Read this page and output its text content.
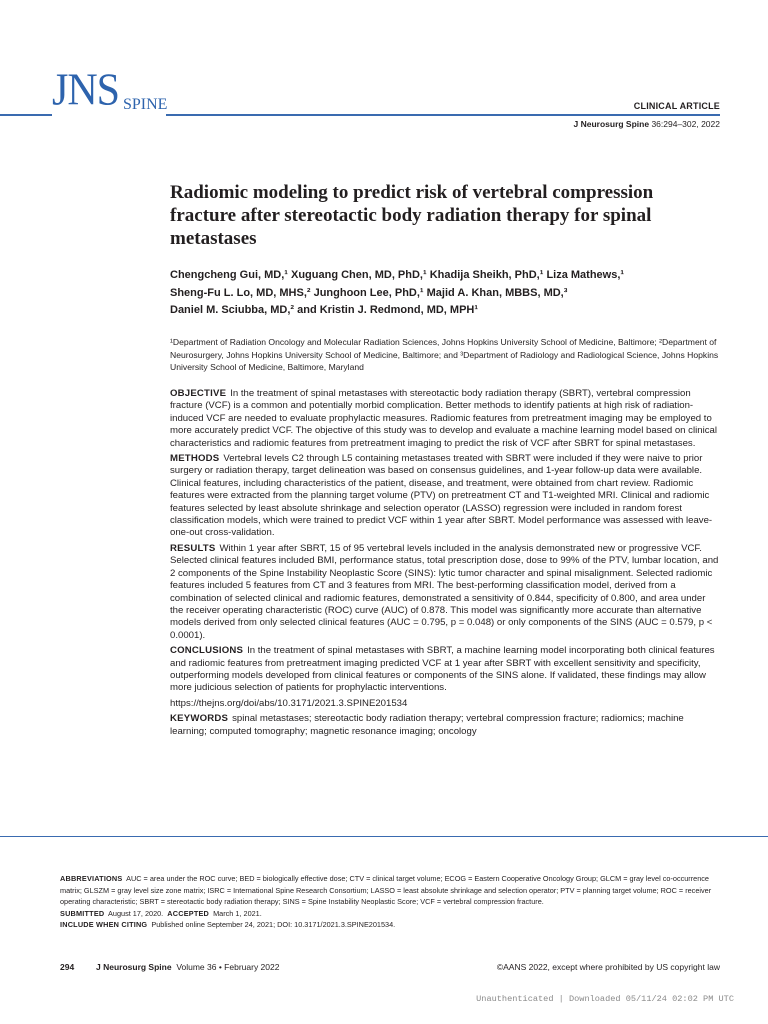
JNS SPINE	CLINICAL ARTICLE
J Neurosurg Spine 36:294–302, 2022
Radiomic modeling to predict risk of vertebral compression fracture after stereotactic body radiation therapy for spinal metastases
Chengcheng Gui, MD,¹ Xuguang Chen, MD, PhD,¹ Khadija Sheikh, PhD,¹ Liza Mathews,¹
Sheng-Fu L. Lo, MD, MHS,² Junghoon Lee, PhD,¹ Majid A. Khan, MBBS, MD,³
Daniel M. Sciubba, MD,² and Kristin J. Redmond, MD, MPH¹
¹Department of Radiation Oncology and Molecular Radiation Sciences, Johns Hopkins University School of Medicine, Baltimore; ²Department of Neurosurgery, Johns Hopkins University School of Medicine, Baltimore; and ³Department of Radiology and Radiological Science, Johns Hopkins University School of Medicine, Baltimore, Maryland

OBJECTIVE In the treatment of spinal metastases with stereotactic body radiation therapy (SBRT), vertebral compression fracture (VCF) is a common and potentially morbid complication. Better methods to identify patients at high risk of radiation-induced VCF are needed to evaluate prophylactic measures. Radiomic features from pretreatment imaging may be employed to more accurately predict VCF. The objective of this study was to develop and evaluate a machine learning model based on clinical characteristics and radiomic features from pretreatment imaging to predict the risk of VCF after SBRT for spinal metastases.

METHODS Vertebral levels C2 through L5 containing metastases treated with SBRT were included if they were naive to prior surgery or radiation therapy, target delineation was based on consensus guidelines, and 1-year follow-up data were available. Clinical features, including characteristics of the patient, disease, and treatment, were obtained from chart review. Radiomic features were extracted from the planning target volume (PTV) on pretreatment CT and T1-weighted MRI. Clinical and radiomic features selected by least absolute shrinkage and selection operator (LASSO) regression were included in random forest classification models, which were trained to predict VCF within 1 year after SBRT. Model performance was assessed with leave-one-out cross-validation.

RESULTS Within 1 year after SBRT, 15 of 95 vertebral levels included in the analysis demonstrated new or progressive VCF. Selected clinical features included BMI, performance status, total prescription dose, dose to 99% of the PTV, lumbar location, and 2 components of the Spine Instability Neoplastic Score (SINS): lytic tumor character and spinal misalignment. Selected radiomic features included 5 features from CT and 3 features from MRI. The best-performing classification model, derived from a combination of selected clinical and radiomic features, demonstrated a sensitivity of 0.844, specificity of 0.800, and area under the receiver operating characteristic (ROC) curve (AUC) of 0.878. This model was significantly more accurate than alternative models derived from only selected clinical features (AUC = 0.795, p = 0.048) or only components of the SINS (AUC = 0.579, p < 0.0001).

CONCLUSIONS In the treatment of spinal metastases with SBRT, a machine learning model incorporating both clinical features and radiomic features from pretreatment imaging predicted VCF at 1 year after SBRT with excellent sensitivity and specificity, outperforming models developed from clinical features or components of the SINS alone. If validated, these findings may allow more judicious selection of patients for prophylactic interventions.

https://thejns.org/doi/abs/10.3171/2021.3.SPINE201534

KEYWORDS spinal metastases; stereotactic body radiation therapy; vertebral compression fracture; radiomics; machine learning; computed tomography; magnetic resonance imaging; oncology

ABBREVIATIONS AUC = area under the ROC curve; BED = biologically effective dose; CTV = clinical target volume; ECOG = Eastern Cooperative Oncology Group; GLCM = gray level co-occurrence matrix; GLSZM = gray level size zone matrix; ISRC = International Spine Research Consortium; LASSO = least absolute shrinkage and selection operator; PTV = planning target volume; ROC = receiver operating characteristic; SBRT = stereotactic body radiation therapy; SINS = Spine Instability Neoplastic Score; VCF = vertebral compression fracture.

SUBMITTED August 17, 2020. ACCEPTED March 1, 2021.

INCLUDE WHEN CITING Published online September 24, 2021; DOI: 10.3171/2021.3.SPINE201534.

294	J Neurosurg Spine Volume 36 • February 2022	©AANS 2022, except where prohibited by US copyright law
Unauthenticated | Downloaded 05/11/24 02:02 PM UTC
